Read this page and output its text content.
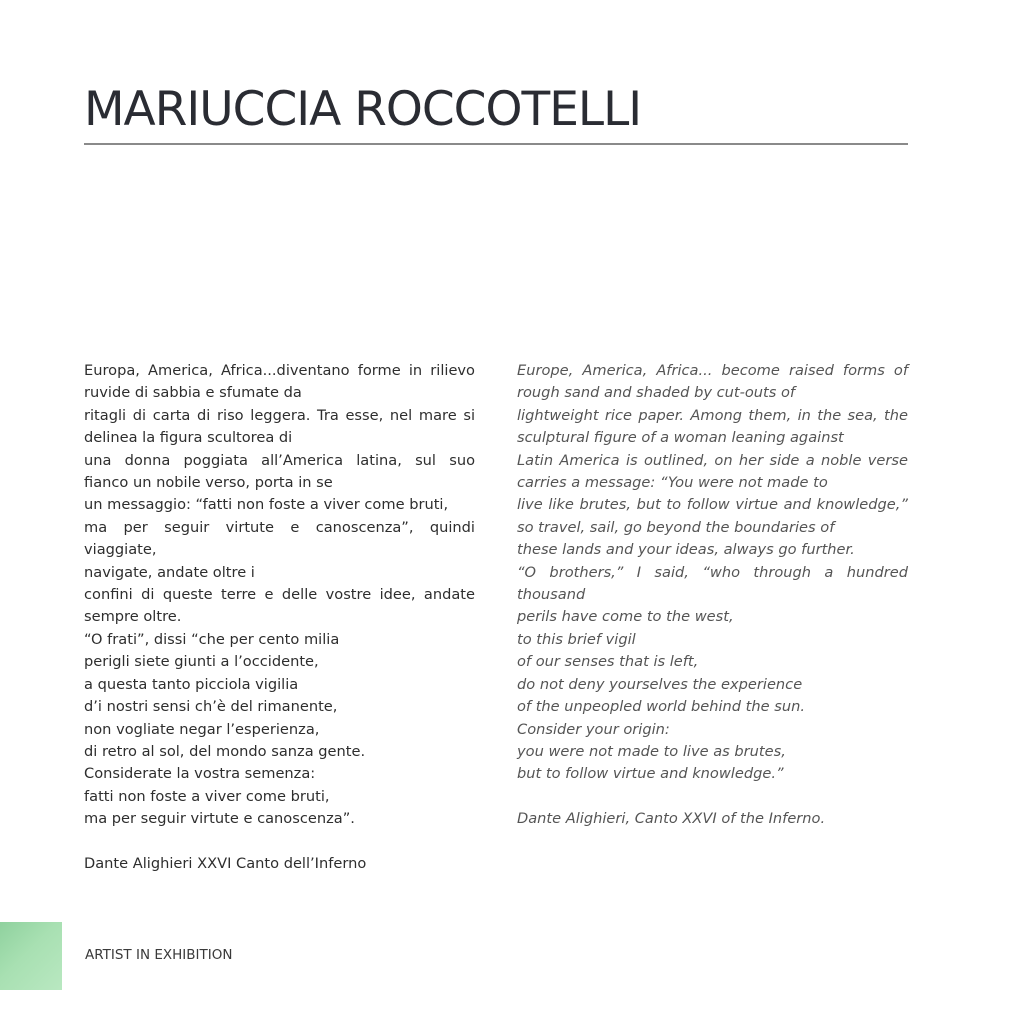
MARIUCCIA ROCCOTELLI
Europa, America, Africa...diventano forme in rilievo
ruvide di sabbia e sfumate da
ritagli di carta di riso leggera. Tra esse, nel mare si
delinea la figura scultorea di
una donna poggiata all’America latina, sul suo
fianco un nobile verso, porta in se
un messaggio: “fatti non foste a viver come bruti,
ma per seguir virtute e canoscenza”, quindi viaggiate,
navigate, andate oltre i
confini di queste terre e delle vostre idee, andate
sempre oltre.
“O frati”, dissi “che per cento milia
perigli siete giunti a l’occidente,
a questa tanto picciola vigilia
d’i nostri sensi ch’è del rimanente,
non vogliate negar l’esperienza,
di retro al sol, del mondo sanza gente.
Considerate la vostra semenza:
fatti non foste a viver come bruti,
ma per seguir virtute e canoscenza”.
Dante Alighieri XXVI Canto dell’Inferno
Europe, America, Africa... become raised forms of
rough sand and shaded by cut-outs of
lightweight rice paper. Among them, in the sea, the
sculptural figure of a woman leaning against
Latin America is outlined, on her side a noble verse
carries a message: “You were not made to
live like brutes, but to follow virtue and knowledge,”
so travel, sail, go beyond the boundaries of
these lands and your ideas, always go further.
“O brothers,” I said, “who through a hundred
thousand
perils have come to the west,
to this brief vigil
of our senses that is left,
do not deny yourselves the experience
of the unpeopled world behind the sun.
Consider your origin:
you were not made to live as brutes,
but to follow virtue and knowledge.”
Dante Alighieri, Canto XXVI of the Inferno.
ARTIST IN EXHIBITION
